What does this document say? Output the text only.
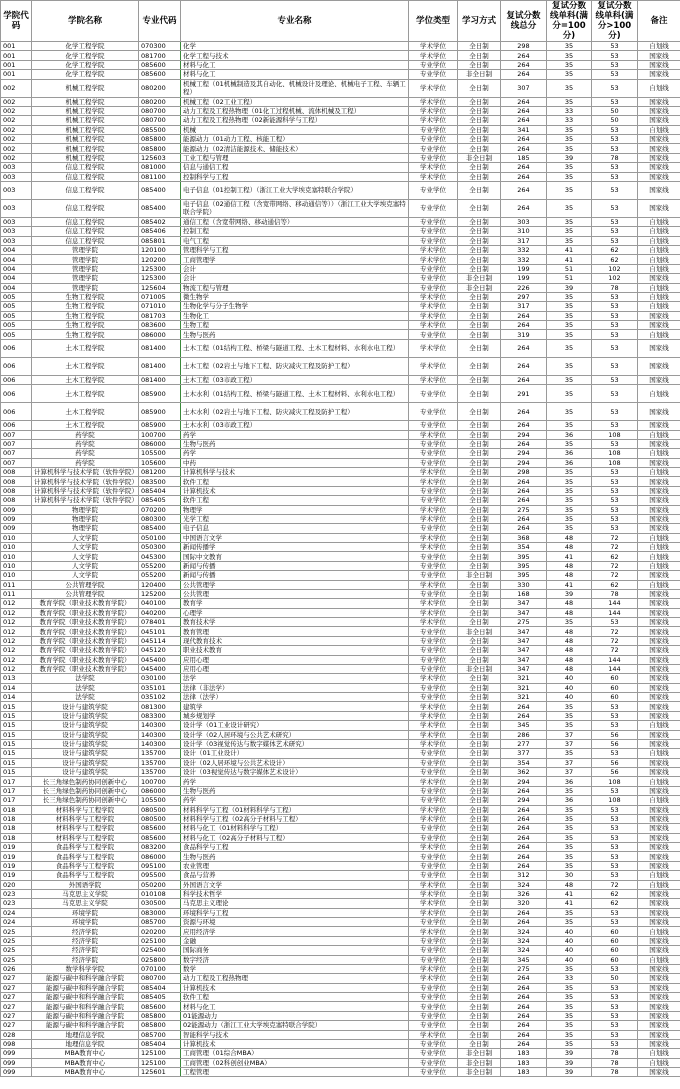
学院代码	学院名称	专业代码	专业名称	学位类型	学习方式	复试分数线总分	复试分数线单科(满分=100分)	复试分数线单科(满分>100分)	备注
001	化学工程学院	070300	化学	学术学位	全日制	298	35	53	自划线
001	化学工程学院	081700	化学工程与技术	学术学位	全日制	264	35	53	国家线
001	化学工程学院	085600	材料与化工	专业学位	全日制	264	35	53	国家线
001	化学工程学院	085600	材料与化工	专业学位	非全日制	264	35	53	国家线
002	机械工程学院	080200	机械工程（01机械制造及其自动化、机械设计及理论、机械电子工程、车辆工程）	学术学位	全日制	307	35	53	自划线
002	机械工程学院	080200	机械工程（02工业工程）	学术学位	全日制	264	35	53	国家线
002	机械工程学院	080700	动力工程及工程热物理（01化工过程机械、流体机械及工程）	学术学位	全日制	264	33	50	国家线
002	机械工程学院	080700	动力工程及工程热物理（02新能源科学与工程）	学术学位	全日制	264	33	50	国家线
002	机械工程学院	085500	机械	专业学位	全日制	341	35	53	自划线
002	机械工程学院	085800	能源动力（01动力工程、核能工程）	专业学位	全日制	264	35	53	国家线
002	机械工程学院	085800	能源动力（02清洁能源技术、储能技术）	专业学位	全日制	264	35	53	国家线
002	机械工程学院	125603	工业工程与管理	专业学位	非全日制	185	39	78	国家线
003	信息工程学院	081000	信息与通信工程	学术学位	全日制	264	35	53	国家线
003	信息工程学院	081100	控制科学与工程	学术学位	全日制	264	35	53	国家线
003	信息工程学院	085400	电子信息（01控制工程）（浙江工业大学埃克塞特联合学院）	专业学位	全日制	264	35	53	国家线
003	信息工程学院	085400	电子信息（02通信工程（含宽带网络、移动通信等））（浙江工业大学埃克塞特联合学院）	专业学位	全日制	264	35	53	国家线
003	信息工程学院	085402	通信工程（含宽带网络、移动通信等）	专业学位	全日制	303	35	53	自划线
003	信息工程学院	085406	控制工程	专业学位	全日制	310	35	53	自划线
003	信息工程学院	085801	电气工程	专业学位	全日制	317	35	53	自划线
004	管理学院	120100	管理科学与工程	学术学位	全日制	332	41	62	自划线
004	管理学院	120200	工商管理学	学术学位	全日制	332	41	62	自划线
004	管理学院	125300	会计	专业学位	全日制	199	51	102	自划线
004	管理学院	125300	会计	专业学位	非全日制	199	51	102	国家线
004	管理学院	125604	物流工程与管理	专业学位	非全日制	226	39	78	自划线
005	生物工程学院	071005	微生物学	学术学位	全日制	297	35	53	自划线
005	生物工程学院	071010	生物化学与分子生物学	学术学位	全日制	317	35	53	自划线
005	生物工程学院	081703	生物化工	学术学位	全日制	264	35	53	国家线
005	生物工程学院	083600	生物工程	学术学位	全日制	264	35	53	国家线
005	生物工程学院	086000	生物与医药	专业学位	全日制	319	35	53	自划线
006	土木工程学院	081400	土木工程（01结构工程、桥梁与隧道工程、土木工程材料、水利水电工程）	学术学位	全日制	264	35	53	国家线
006	土木工程学院	081400	土木工程（02岩土与地下工程、防灾减灾工程及防护工程）	学术学位	全日制	264	35	53	国家线
006	土木工程学院	081400	土木工程（03市政工程）	学术学位	全日制	264	35	53	国家线
006	土木工程学院	085900	土木水利（01结构工程、桥梁与隧道工程、土木工程材料、水利水电工程）	专业学位	全日制	291	35	53	自划线
006	土木工程学院	085900	土木水利（02岩土与地下工程、防灾减灾工程及防护工程）	专业学位	全日制	264	35	53	国家线
006	土木工程学院	085900	土木水利（03市政工程）	专业学位	全日制	264	35	53	国家线
007	药学院	100700	药学	学术学位	全日制	294	36	108	自划线
007	药学院	086000	生物与医药	专业学位	全日制	264	35	53	国家线
007	药学院	105500	药学	专业学位	全日制	294	36	108	自划线
007	药学院	105600	中药	专业学位	全日制	294	36	108	国家线
008	计算机科学与技术学院（软件学院）	081200	计算机科学与技术	学术学位	全日制	298	35	53	自划线
008	计算机科学与技术学院（软件学院）	083500	软件工程	学术学位	全日制	264	35	53	国家线
008	计算机科学与技术学院（软件学院）	085404	计算机技术	专业学位	全日制	264	35	53	国家线
008	计算机科学与技术学院（软件学院）	085405	软件工程	专业学位	全日制	264	35	53	国家线
009	物理学院	070200	物理学	学术学位	全日制	275	35	53	国家线
009	物理学院	080300	光学工程	学术学位	全日制	264	35	53	国家线
009	物理学院	085400	电子信息	专业学位	全日制	264	35	53	国家线
010	人文学院	050100	中国语言文学	学术学位	全日制	368	48	72	自划线
010	人文学院	050300	新闻传播学	学术学位	全日制	354	48	72	自划线
010	人文学院	045300	国际中文教育	专业学位	全日制	395	41	62	自划线
010	人文学院	055200	新闻与传播	专业学位	全日制	395	48	72	自划线
010	人文学院	055200	新闻与传播	专业学位	非全日制	395	48	72	国家线
011	公共管理学院	120400	公共管理学	学术学位	全日制	330	41	62	自划线
011	公共管理学院	125200	公共管理	专业学位	全日制	168	39	78	国家线
012	教育学院（职业技术教育学院）	040100	教育学	学术学位	全日制	347	48	144	国家线
012	教育学院（职业技术教育学院）	040200	心理学	学术学位	全日制	347	48	144	国家线
012	教育学院（职业技术教育学院）	078401	教育技术学	学术学位	全日制	275	35	53	国家线
012	教育学院（职业技术教育学院）	045101	教育管理	专业学位	非全日制	347	48	72	国家线
012	教育学院（职业技术教育学院）	045114	现代教育技术	专业学位	全日制	347	48	72	国家线
012	教育学院（职业技术教育学院）	045120	职业技术教育	专业学位	全日制	347	48	72	国家线
012	教育学院（职业技术教育学院）	045400	应用心理	专业学位	全日制	347	48	144	国家线
012	教育学院（职业技术教育学院）	045400	应用心理	专业学位	非全日制	347	48	144	国家线
013	法学院	030100	法学	学术学位	全日制	321	40	60	国家线
014	法学院	035101	法律（非法学）	专业学位	全日制	321	40	60	国家线
014	法学院	035102	法律（法学）	专业学位	全日制	321	40	60	国家线
015	设计与建筑学院	081300	建筑学	学术学位	全日制	264	35	53	国家线
015	设计与建筑学院	083300	城乡规划学	学术学位	全日制	264	35	53	国家线
015	设计与建筑学院	140300	设计学（01工业设计研究）	学术学位	全日制	345	35	53	自划线
015	设计与建筑学院	140300	设计学（02人居环境与公共艺术研究）	学术学位	全日制	286	37	56	国家线
015	设计与建筑学院	140300	设计学（03视觉传达与数字媒体艺术研究）	学术学位	全日制	277	37	56	国家线
015	设计与建筑学院	135700	设计（01工业设计）	专业学位	全日制	377	35	53	自划线
015	设计与建筑学院	135700	设计（02人居环境与公共艺术设计）	专业学位	全日制	354	37	56	国家线
015	设计与建筑学院	135700	设计（03视觉传达与数字媒体艺术设计）	专业学位	全日制	362	37	56	国家线
017	长三角绿色制药协同创新中心	100700	药学	学术学位	全日制	294	36	108	自划线
017	长三角绿色制药协同创新中心	086000	生物与医药	专业学位	全日制	264	35	53	国家线
017	长三角绿色制药协同创新中心	105500	药学	专业学位	全日制	294	36	108	自划线
018	材料科学与工程学院	080500	材料科学与工程（01材料科学与工程）	学术学位	全日制	264	35	53	国家线
018	材料科学与工程学院	080500	材料科学与工程（02高分子材料与工程）	学术学位	全日制	264	35	53	国家线
018	材料科学与工程学院	085600	材料与化工（01材料科学与工程）	专业学位	全日制	264	35	53	国家线
018	材料科学与工程学院	085600	材料与化工（02高分子材料与工程）	专业学位	全日制	264	35	53	国家线
019	食品科学与工程学院	083200	食品科学与工程	学术学位	全日制	264	35	53	国家线
019	食品科学与工程学院	086000	生物与医药	专业学位	全日制	264	35	53	国家线
019	食品科学与工程学院	095100	农业管理	专业学位	全日制	264	35	53	国家线
019	食品科学与工程学院	095500	食品与营养	专业学位	全日制	312	30	53	自划线
020	外国语学院	050200	外国语言文学	学术学位	全日制	324	48	72	自划线
023	马克思主义学院	010108	科学技术哲学	学术学位	全日制	326	41	62	国家线
023	马克思主义学院	030500	马克思主义理论	学术学位	全日制	320	41	62	国家线
024	环境学院	083000	环境科学与工程	学术学位	全日制	264	35	53	国家线
024	环境学院	085700	资源与环境	专业学位	全日制	264	35	53	国家线
025	经济学院	020200	应用经济学	学术学位	全日制	324	40	60	自划线
025	经济学院	025100	金融	专业学位	全日制	324	40	60	国家线
025	经济学院	025400	国际商务	专业学位	全日制	324	40	60	国家线
025	经济学院	025800	数字经济	专业学位	全日制	345	40	60	自划线
026	数学科学学院	070100	数学	学术学位	全日制	275	35	53	国家线
027	能源与碳中和科学融合学院	080700	动力工程及工程热物理	学术学位	全日制	264	33	50	国家线
027	能源与碳中和科学融合学院	085404	计算机技术	专业学位	全日制	264	35	53	国家线
027	能源与碳中和科学融合学院	085405	软件工程	专业学位	全日制	264	35	53	国家线
027	能源与碳中和科学融合学院	085600	材料与化工	专业学位	全日制	264	35	53	国家线
027	能源与碳中和科学融合学院	085800	01能源动力	专业学位	全日制	264	35	53	国家线
027	能源与碳中和科学融合学院	085800	02能源动力（浙江工业大学埃克塞特联合学院）	专业学位	全日制	264	35	53	国家线
028	地理信息学院	085700	智能科学与技术	学术学位	全日制	264	35	53	国家线
098	地理信息学院	085404	计算机技术	专业学位	全日制	264	35	53	国家线
099	MBA教育中心	125100	工商管理（01综合MBA）	专业学位	非全日制	183	39	78	自划线
099	MBA教育中心	125100	工商管理（02科创创业MBA）	专业学位	非全日制	183	39	78	自划线
099	MBA教育中心	125601	工程管理	专业学位	非全日制	183	39	78	国家线
